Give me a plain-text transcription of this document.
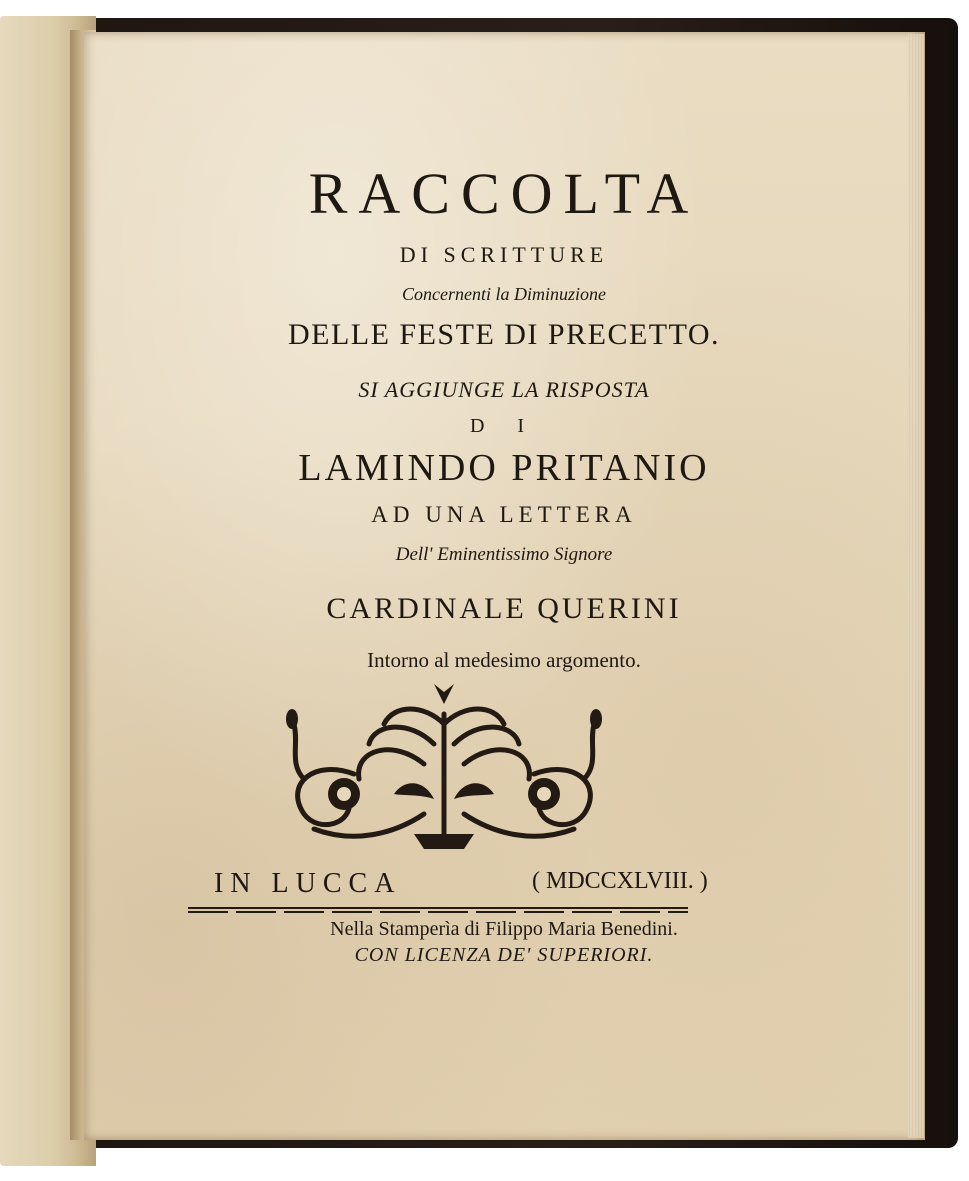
RACCOLTA
DI SCRITTURE
Concernenti la Diminuzione
DELLE FESTE DI PRECETTO.
SI AGGIUNGE LA RISPOSTA
D I
LAMINDO PRITANIO
AD UNA LETTERA
Dell' Eminentissimo Signore
CARDINALE QUERINI
Intorno al medesimo argomento.
IN LUCCA	( MDCCXLVIII. )
Nella Stamperìa di Filippo Maria Benedini.
CON LICENZA DE' SUPERIORI.
